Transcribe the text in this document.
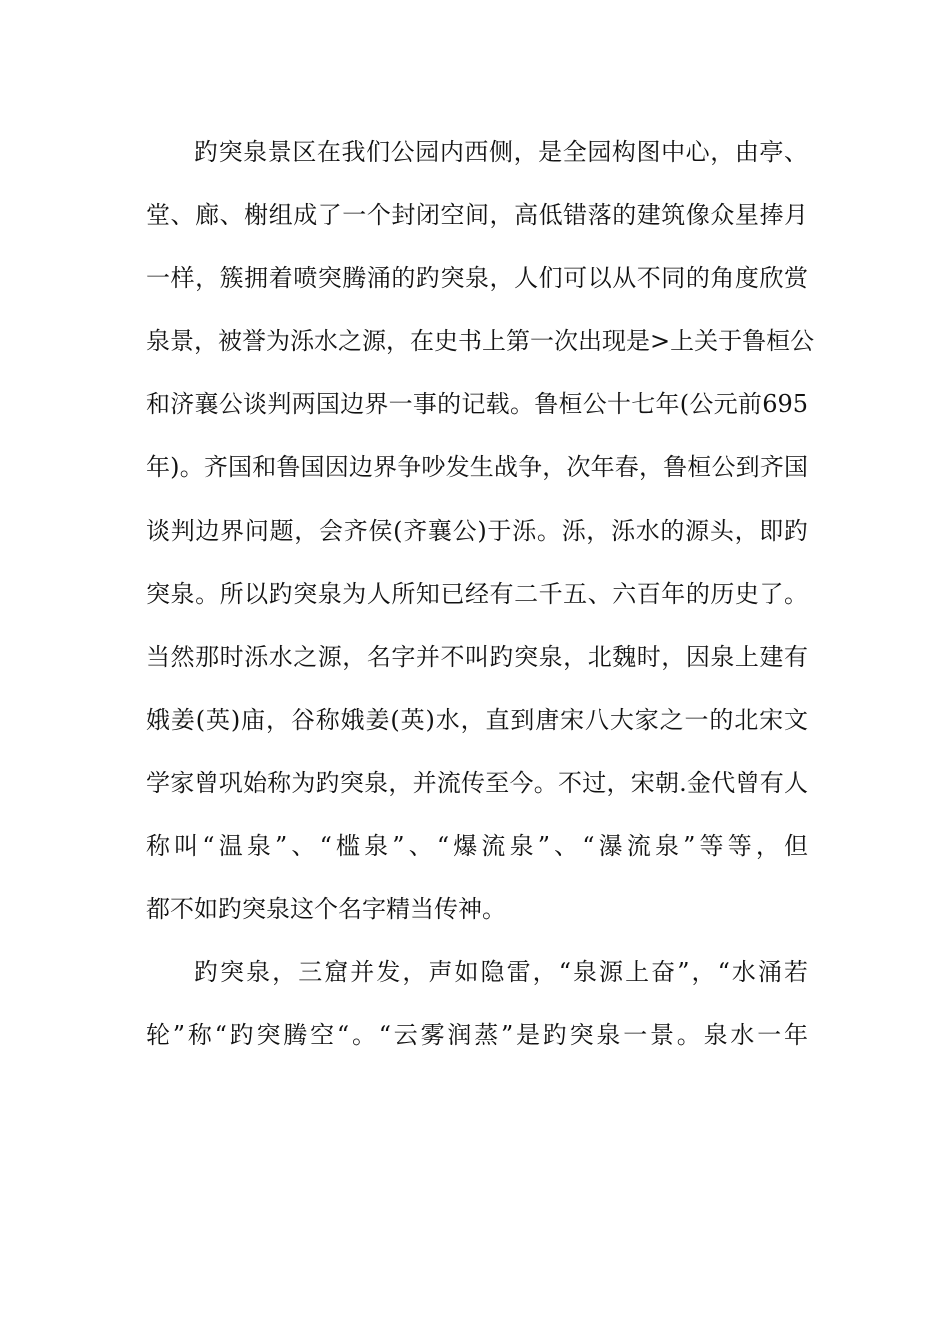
趵突泉景区在我们公园内西侧，是全园构图中心，由亭、
堂、廊、榭组成了一个封闭空间，高低错落的建筑像众星捧月
一样，簇拥着喷突腾涌的趵突泉，人们可以从不同的角度欣赏
泉景，被誉为泺水之源，在史书上第一次出现是>上关于鲁桓公
和济襄公谈判两国边界一事的记载。鲁桓公十七年(公元前695
年)。齐国和鲁国因边界争吵发生战争，次年春，鲁桓公到齐国
谈判边界问题，会齐侯(齐襄公)于泺。泺，泺水的源头，即趵
突泉。所以趵突泉为人所知已经有二千五、六百年的历史了。
当然那时泺水之源，名字并不叫趵突泉，北魏时，因泉上建有
娥姜(英)庙，谷称娥姜(英)水，直到唐宋八大家之一的北宋文
学家曾巩始称为趵突泉，并流传至今。不过，宋朝.金代曾有人
称叫“温泉”、“槛泉”、“爆流泉”、“瀑流泉”等等，但
都不如趵突泉这个名字精当传神。
趵突泉，三窟并发，声如隐雷，“泉源上奋”，“水涌若
轮”称“趵突腾空“。“云雾润蒸”是趵突泉一景。泉水一年
